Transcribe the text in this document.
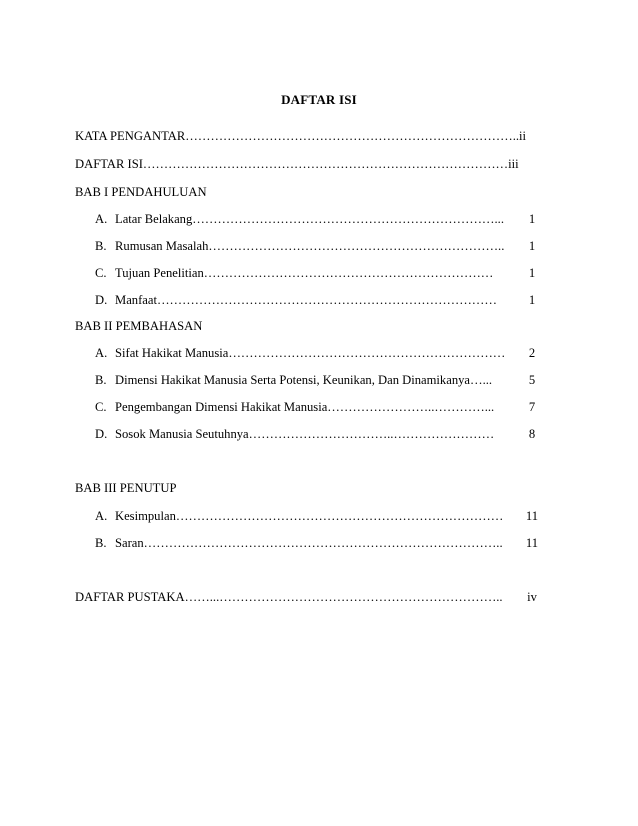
DAFTAR ISI
KATA PENGANTAR……………………………………………………………………..ii
DAFTAR ISI……………………………………………………………………………iii
BAB I PENDAHULUAN
A. Latar Belakang………………………………………………………………...	1
B. Rumusan Masalah……………………………………………………………..	1
C. Tujuan Penelitian……………………………………………………………	1
D. Manfaat………………………………………………………………………	1
BAB II PEMBAHASAN
A. Sifat Hakikat Manusia…………………………………………………………	2
B. Dimensi Hakikat Manusia Serta Potensi, Keunikan, Dan Dinamikanya…...	5
C. Pengembangan Dimensi Hakikat Manusia……………………..…………...	7
D. Sosok Manusia Seutuhnya……………………………..……………………	8
BAB III PENUTUP
A. Kesimpulan……………………………………………………………………	11
B. Saran…………………………………………………………………………..	11
DAFTAR PUSTAKA……...…………………………………………………………..	iv
